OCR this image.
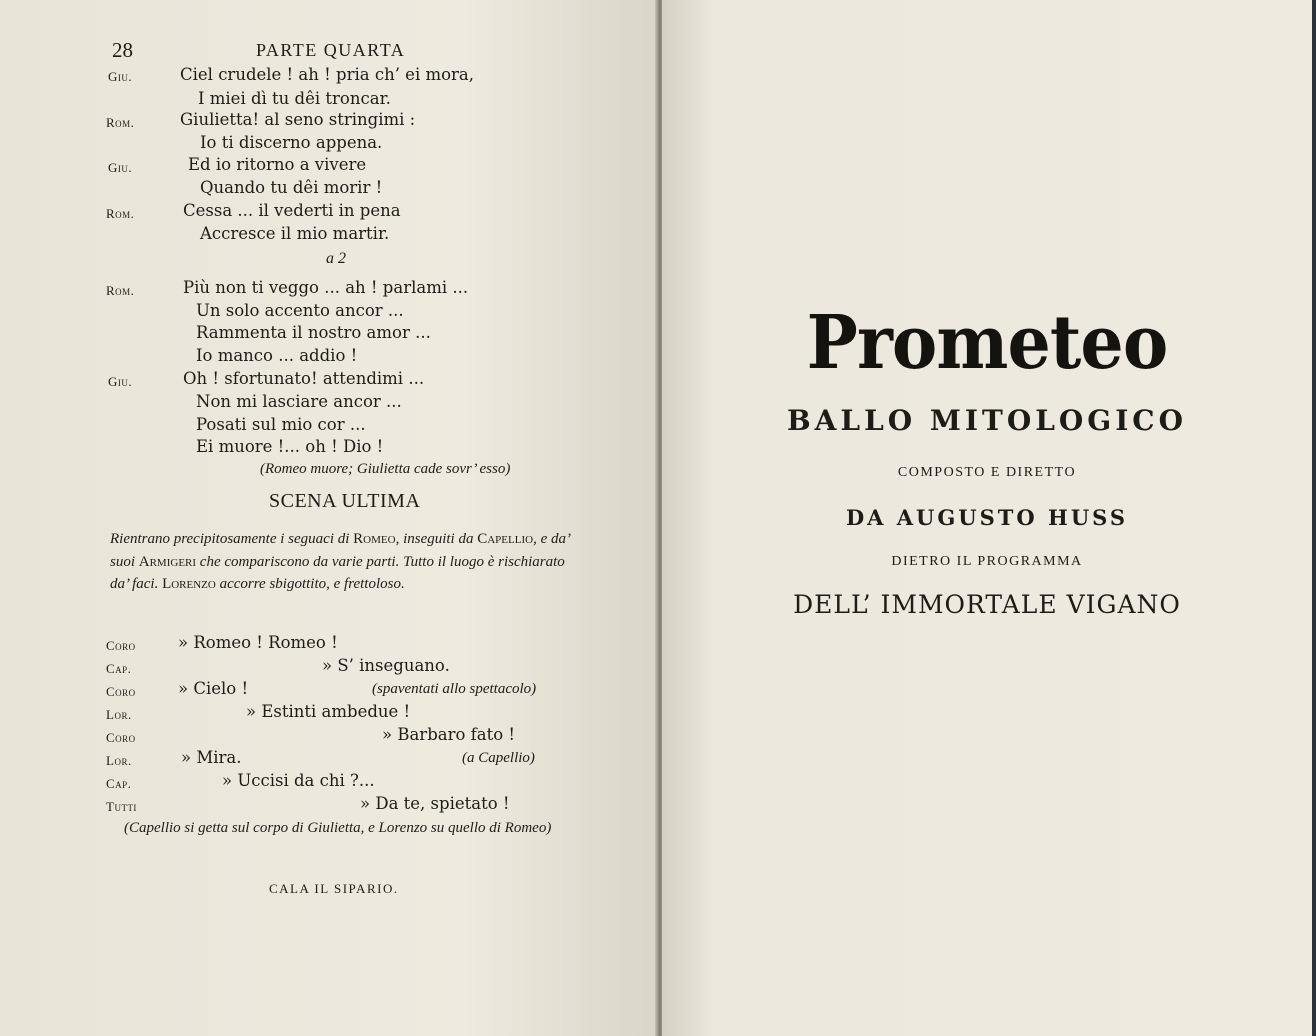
28	PARTE QUARTA
Giu.	Ciel crudele ! ah ! pria ch’ ei mora,
I miei dì tu dêi troncar.
Rom.	Giulietta! al seno stringimi :
Io ti discerno appena.
Giu.	Ed io ritorno a vivere
Quando tu dêi morir !
Rom.	Cessa ... il vederti in pena
Accresce il mio martir.
a 2
Rom.	Più non ti veggo ... ah ! parlami ...
Un solo accento ancor ...
Rammenta il nostro amor ...
Io manco ... addio !
Giu.	Oh ! sfortunato! attendimi ...
Non mi lasciare ancor ...
Posati sul mio cor ...
Ei muore !... oh ! Dio !
(Romeo muore; Giulietta cade sovr’ esso)
SCENA ULTIMA
Rientrano precipitosamente i seguaci di Romeo, inseguiti da Capellio, e da’ suoi Armigeri che compariscono da varie parti. Tutto il luogo è rischiarato da’ faci. Lorenzo accorre sbigottito, e frettoloso.
Coro	» Romeo ! Romeo !
Cap.	» S’ inseguano.
Coro	» Cielo !	(spaventati allo spettacolo)
Lor.	» Estinti ambedue !
Coro	» Barbaro fato !
Lor.	» Mira.	(a Capellio)
Cap.	» Uccisi da chi ?...
Tutti	» Da te, spietato !
(Capellio si getta sul corpo di Giulietta, e Lorenzo su quello di Romeo)
CALA IL SIPARIO.
Prometeo
BALLO MITOLOGICO
COMPOSTO E DIRETTO
DA AUGUSTO HUSS
DIETRO IL PROGRAMMA
DELL’ IMMORTALE VIGANO
